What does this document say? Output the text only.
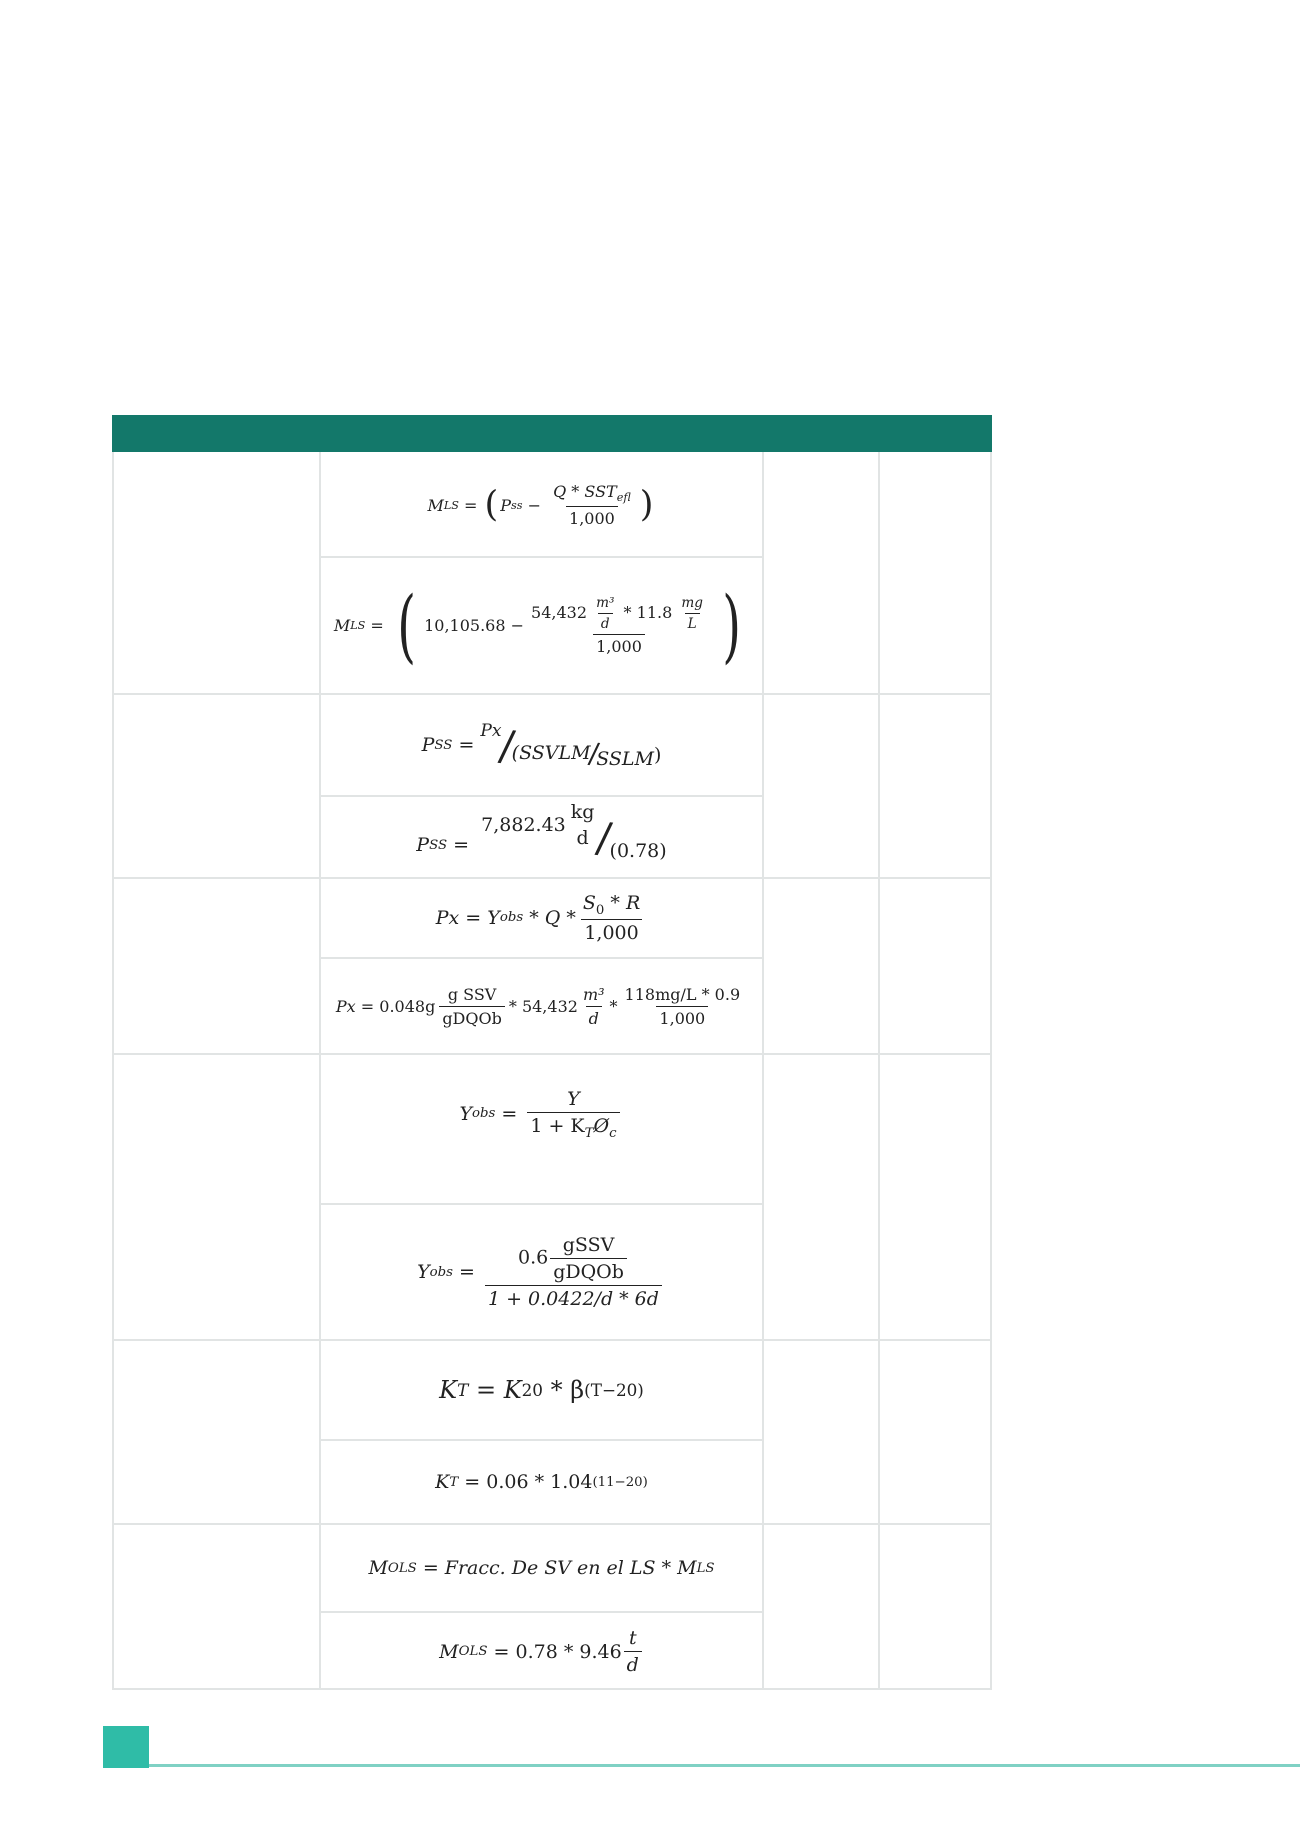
M LS = ( P ss − $\frac{Q * SST_{efl}}{1,000}$ )
M LS = ( $10,105.68 - \frac{54,432 \frac{\text{m³}}{d} * 11.8 \frac{mg}{L}}{1,000}$ )
P SS
=

Px
/
(SSVLM
/
SSLM )
$P_{SS}$
=

7,882.43
kg
d /
(0.78)
Px
=
Y obs
* Q * $\frac{S_0 * R}{1,000}$
Px
= $0.048g \frac{\text{g SSV}}{\text{gDQOb}} * 54,432 \frac{\text{m³}}{d} * \frac{118mg/L * 0.9}{1,000}$
Y obs
=
$\frac{Y}{1 + K_TØ_c}$
Y obs
=
$\frac{0.6 \frac{\text{gSSV}}{\text{gDQOb}}}{1 + 0.0422/d * 6d}$
K T
=
K 20
* β (T−20)
K T
= 0.06 * 1.04 (11−20)
M OLS
= Fracc. De SV en el LS * M LS
M OLS
= $0.78 * 9.46 \frac{t}{d}$
